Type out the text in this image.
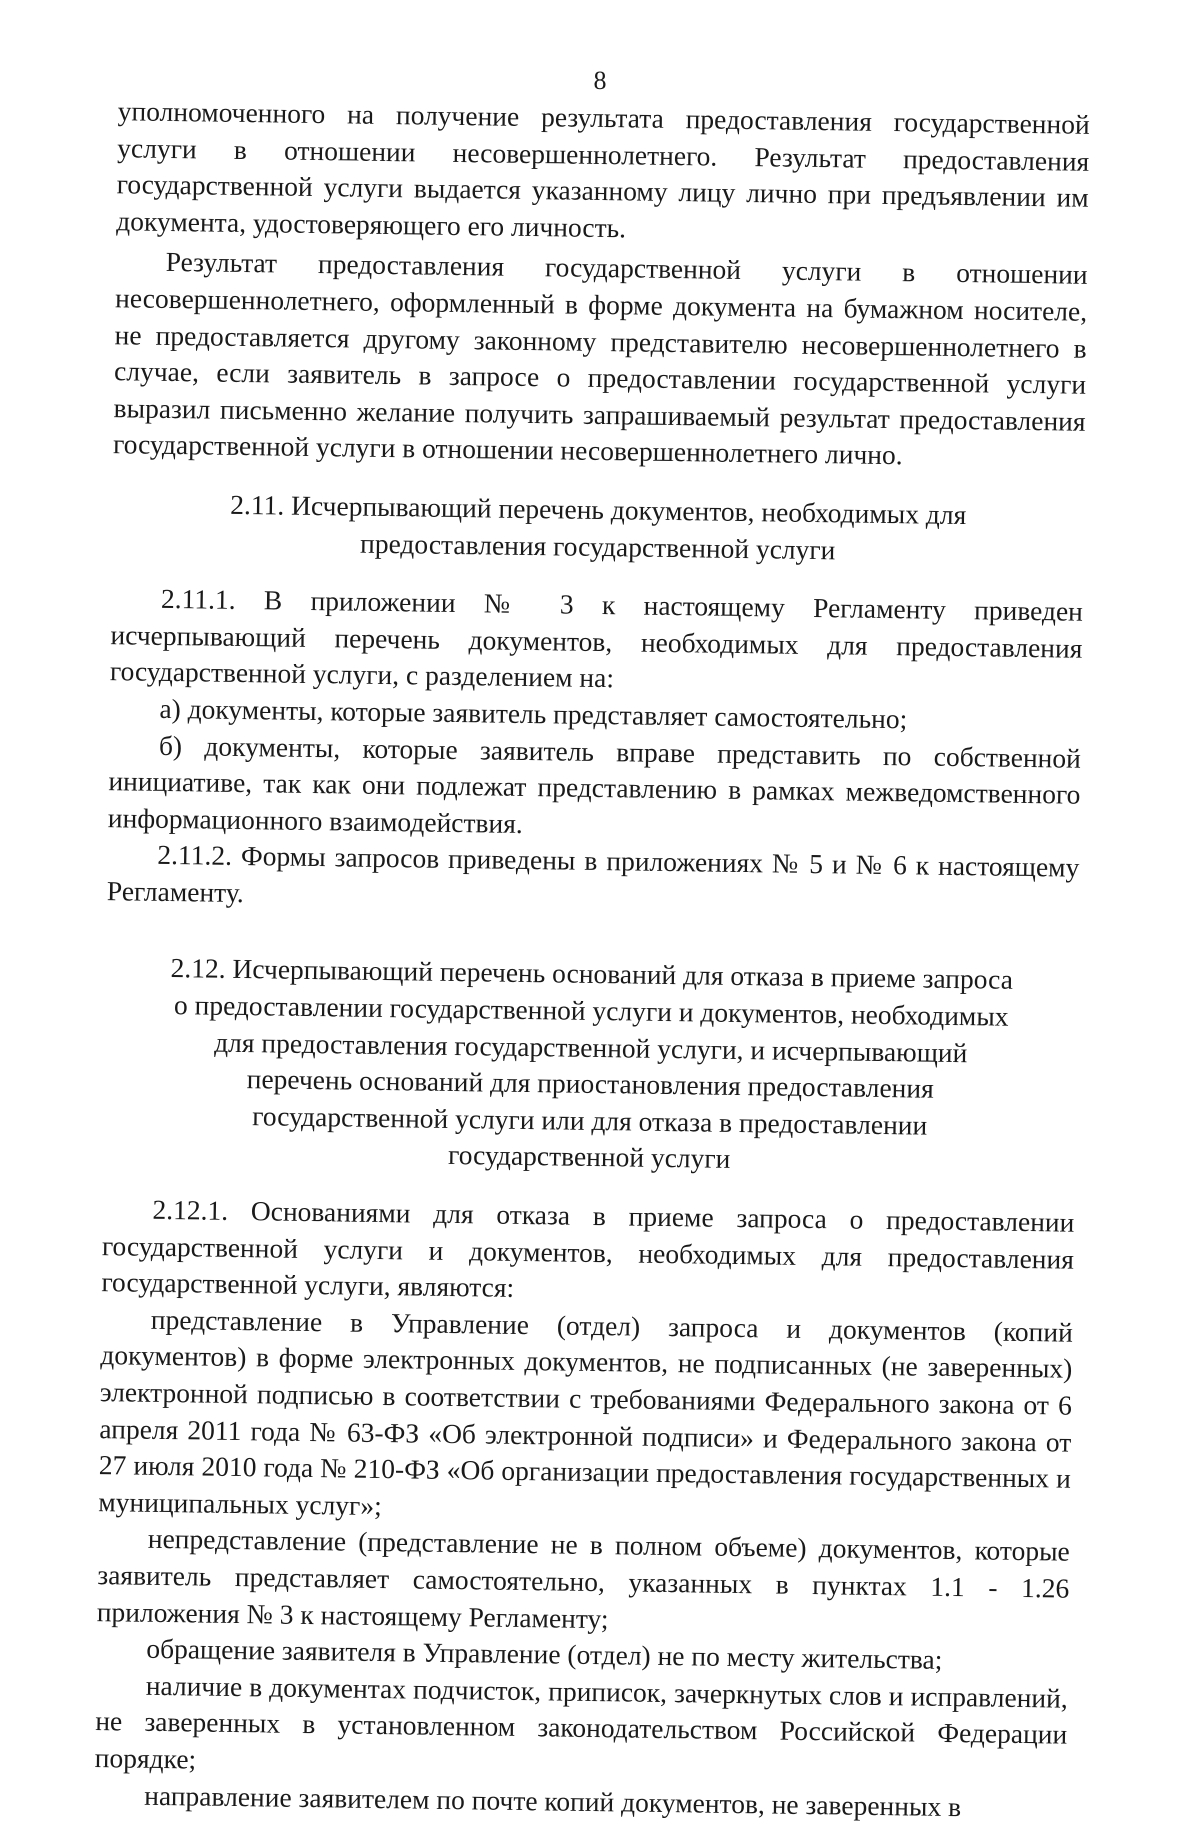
8

уполномоченного на получение результата предоставления государственной услуги в отношении несовершеннолетнего. Результат предоставления государственной услуги выдается указанному лицу лично при предъявлении им документа, удостоверяющего его личность.

Результат предоставления государственной услуги в отношении несовершеннолетнего, оформленный в форме документа на бумажном носителе, не предоставляется другому законному представителю несовершеннолетнего в случае, если заявитель в запросе о предоставлении государственной услуги выразил письменно желание получить запрашиваемый результат предоставления государственной услуги в отношении несовершеннолетнего лично.

2.11. Исчерпывающий перечень документов, необходимых для предоставления государственной услуги

2.11.1. В приложении № 3 к настоящему Регламенту приведен исчерпывающий перечень документов, необходимых для предоставления государственной услуги, с разделением на:

а) документы, которые заявитель представляет самостоятельно;

б) документы, которые заявитель вправе представить по собственной инициативе, так как они подлежат представлению в рамках межведомственного информационного взаимодействия.

2.11.2. Формы запросов приведены в приложениях № 5 и № 6 к настоящему Регламенту.

2.12. Исчерпывающий перечень оснований для отказа в приеме запроса о предоставлении государственной услуги и документов, необходимых для предоставления государственной услуги, и исчерпывающий перечень оснований для приостановления предоставления государственной услуги или для отказа в предоставлении государственной услуги

2.12.1. Основаниями для отказа в приеме запроса о предоставлении государственной услуги и документов, необходимых для предоставления государственной услуги, являются:

представление в Управление (отдел) запроса и документов (копий документов) в форме электронных документов, не подписанных (не заверенных) электронной подписью в соответствии с требованиями Федерального закона от 6 апреля 2011 года № 63-ФЗ «Об электронной подписи» и Федерального закона от 27 июля 2010 года № 210-ФЗ «Об организации предоставления государственных и муниципальных услуг»;

непредставление (представление не в полном объеме) документов, которые заявитель представляет самостоятельно, указанных в пунктах 1.1 - 1.26 приложения № 3 к настоящему Регламенту;

обращение заявителя в Управление (отдел) не по месту жительства;

наличие в документах подчисток, приписок, зачеркнутых слов и исправлений, не заверенных в установленном законодательством Российской Федерации порядке;

направление заявителем по почте копий документов, не заверенных в
